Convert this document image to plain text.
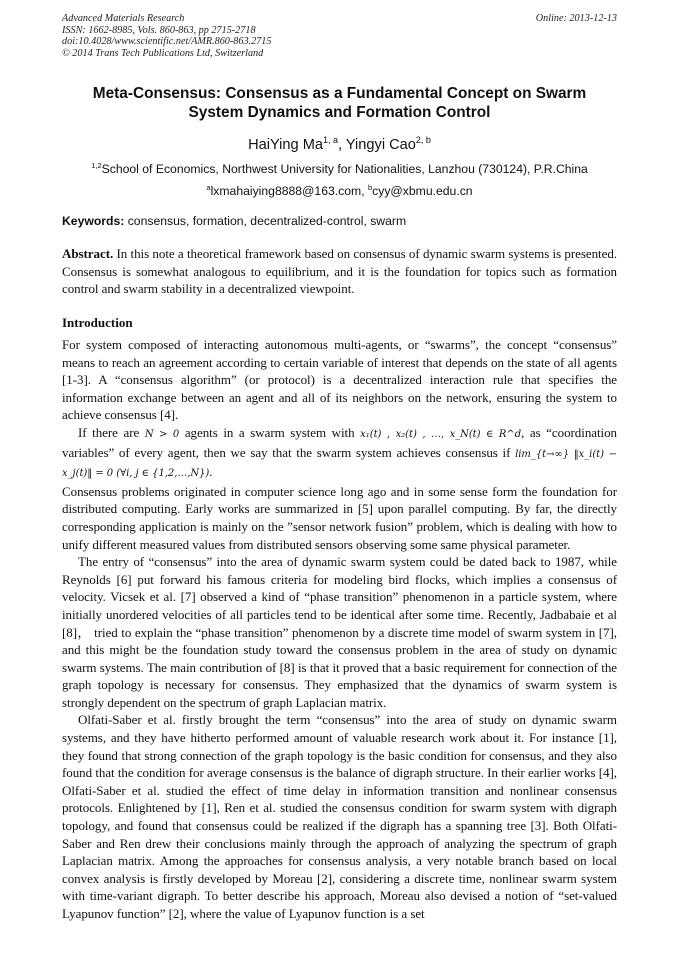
Advanced Materials Research
ISSN: 1662-8985, Vols. 860-863, pp 2715-2718
doi:10.4028/www.scientific.net/AMR.860-863.2715
© 2014 Trans Tech Publications Ltd, Switzerland
Online: 2013-12-13
Meta-Consensus: Consensus as a Fundamental Concept on Swarm
System Dynamics and Formation Control
HaiYing Ma$^{1, a}$, Yingyi Cao$^{2, b}$
$^{1,2}$School of Economics, Northwest University for Nationalities, Lanzhou (730124), P.R.China
$^a$lxmahaiying8888@163.com, $^b$cyy@xbmu.edu.cn
Keywords: consensus, formation, decentralized-control, swarm
Abstract. In this note a theoretical framework based on consensus of dynamic swarm systems is presented. Consensus is somewhat analogous to equilibrium, and it is the foundation for topics such as formation control and swarm stability in a decentralized viewpoint.
Introduction

For system composed of interacting autonomous multi-agents, or “swarms”, the concept “consensus” means to reach an agreement according to certain variable of interest that depends on the state of all agents [1-3]. A “consensus algorithm” (or protocol) is a decentralized interaction rule that specifies the information exchange between an agent and all of its neighbors on the network, ensuring the system to achieve consensus [4].

If there are N > 0 agents in a swarm system with x₁(t) , x₂(t) , …, x_N(t) ∈ R^d, as “coordination variables” of every agent, then we say that the swarm system achieves consensus if lim_{t→∞} ‖x_i(t) − x_j(t)‖ = 0 (∀i, j ∈ {1,2,…,N}).

Consensus problems originated in computer science long ago and in some sense form the foundation for distributed computing. Early works are summarized in [5] upon parallel computing. By far, the directly corresponding application is mainly on the ”sensor network fusion” problem, which is dealing with how to unify different measured values from distributed sensors observing some same physical parameter.

The entry of “consensus” into the area of dynamic swarm system could be dated back to 1987, while Reynolds [6] put forward his famous criteria for modeling bird flocks, which implies a consensus of velocity. Vicsek et al. [7] observed a kind of “phase transition” phenomenon in a particle system, where initially unordered velocities of all particles tend to be identical after some time. Recently, Jadbabaie et al [8]， tried to explain the “phase transition” phenomenon by a discrete time model of swarm system in [7], and this might be the foundation study toward the consensus problem in the area of study on dynamic swarm systems. The main contribution of [8] is that it proved that a basic requirement for connection of the graph topology is necessary for consensus. They emphasized that the dynamics of swarm system is strongly dependent on the spectrum of graph Laplacian matrix.

Olfati-Saber et al. firstly brought the term “consensus” into the area of study on dynamic swarm systems, and they have hitherto performed amount of valuable research work about it. For instance [1], they found that strong connection of the graph topology is the basic condition for consensus, and they also found that the condition for average consensus is the balance of digraph structure. In their earlier works [4], Olfati-Saber et al. studied the effect of time delay in information transition and nonlinear consensus protocols. Enlightened by [1], Ren et al. studied the consensus condition for swarm system with digraph topology, and found that consensus could be realized if the digraph has a spanning tree [3]. Both Olfati-Saber and Ren drew their conclusions mainly through the approach of analyzing the spectrum of graph Laplacian matrix. Among the approaches for consensus analysis, a very notable branch based on local convex analysis is firstly developed by Moreau [2], considering a discrete time, nonlinear swarm system with time-variant digraph. To better describe his approach, Moreau also devised a notion of “set-valued Lyapunov function” [2], where the value of Lyapunov function is a set
